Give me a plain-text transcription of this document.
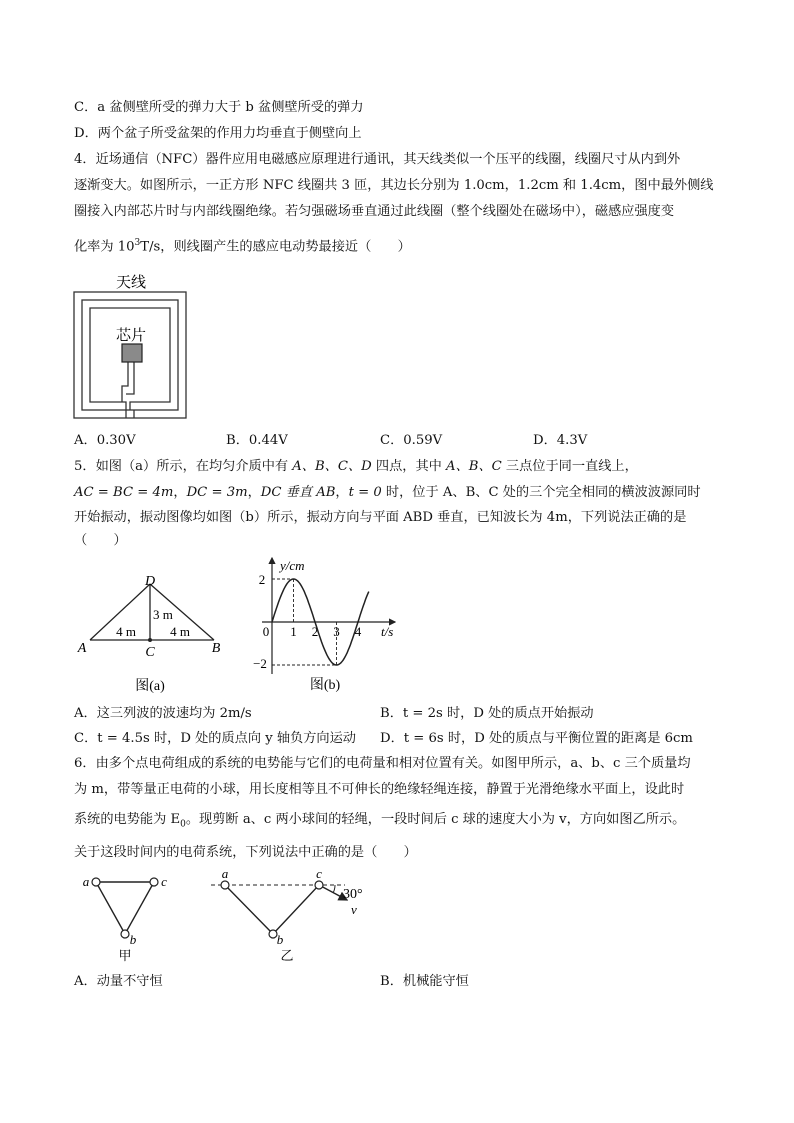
C．a 盆侧壁所受的弹力大于 b 盆侧壁所受的弹力
D．两个盆子所受盆架的作用力均垂直于侧壁向上
4．近场通信（NFC）器件应用电磁感应原理进行通讯，其天线类似一个压平的线圈，线圈尺寸从内到外
逐渐变大。如图所示，一正方形 NFC 线圈共 3 匝，其边长分别为 1.0cm，1.2cm 和 1.4cm，图中最外侧线
圈接入内部芯片时与内部线圈绝缘。若匀强磁场垂直通过此线圈（整个线圈处在磁场中），磁感应强度变
化率为 $10^3T/s$，则线圈产生的感应电动势最接近（　　）
天线
芯片
A．0.30V	B．0.44V	C．0.59V	D．4.3V
5．如图（a）所示，在均匀介质中有 A、B、C、D 四点，其中 A、B、C 三点位于同一直线上，
AC = BC = 4m，DC = 3m，DC 垂直 AB，t = 0 时，位于 A、B、C 处的三个完全相同的横波波源同时
开始振动，振动图像均如图（b）所示，振动方向与平面 ABD 垂直，已知波长为 4m，下列说法正确的是
（　　）
D
A	B
C
3 m
4 m	4 m
图(a)
y/cm
t/s
2
−2
0 1 2 3 4
图(b)
A．这三列波的波速均为 2m/s	B．t = 2s 时，D 处的质点开始振动
C．t = 4.5s 时，D 处的质点向 y 轴负方向运动 D．t = 6s 时，D 处的质点与平衡位置的距离是 6cm
6．由多个点电荷组成的系统的电势能与它们的电荷量和相对位置有关。如图甲所示，a、b、c 三个质量均
为 m，带等量正电荷的小球，用长度相等且不可伸长的绝缘轻绳连接，静置于光滑绝缘水平面上，设此时
系统的电势能为 $E_0$。现剪断 a、c 两小球间的轻绳，一段时间后 c 球的速度大小为 v，方向如图乙所示。
关于这段时间内的电荷系统，下列说法中正确的是（　　）
a	c
b
甲
a	c
b
30°
v
乙
A．动量不守恒	B．机械能守恒
